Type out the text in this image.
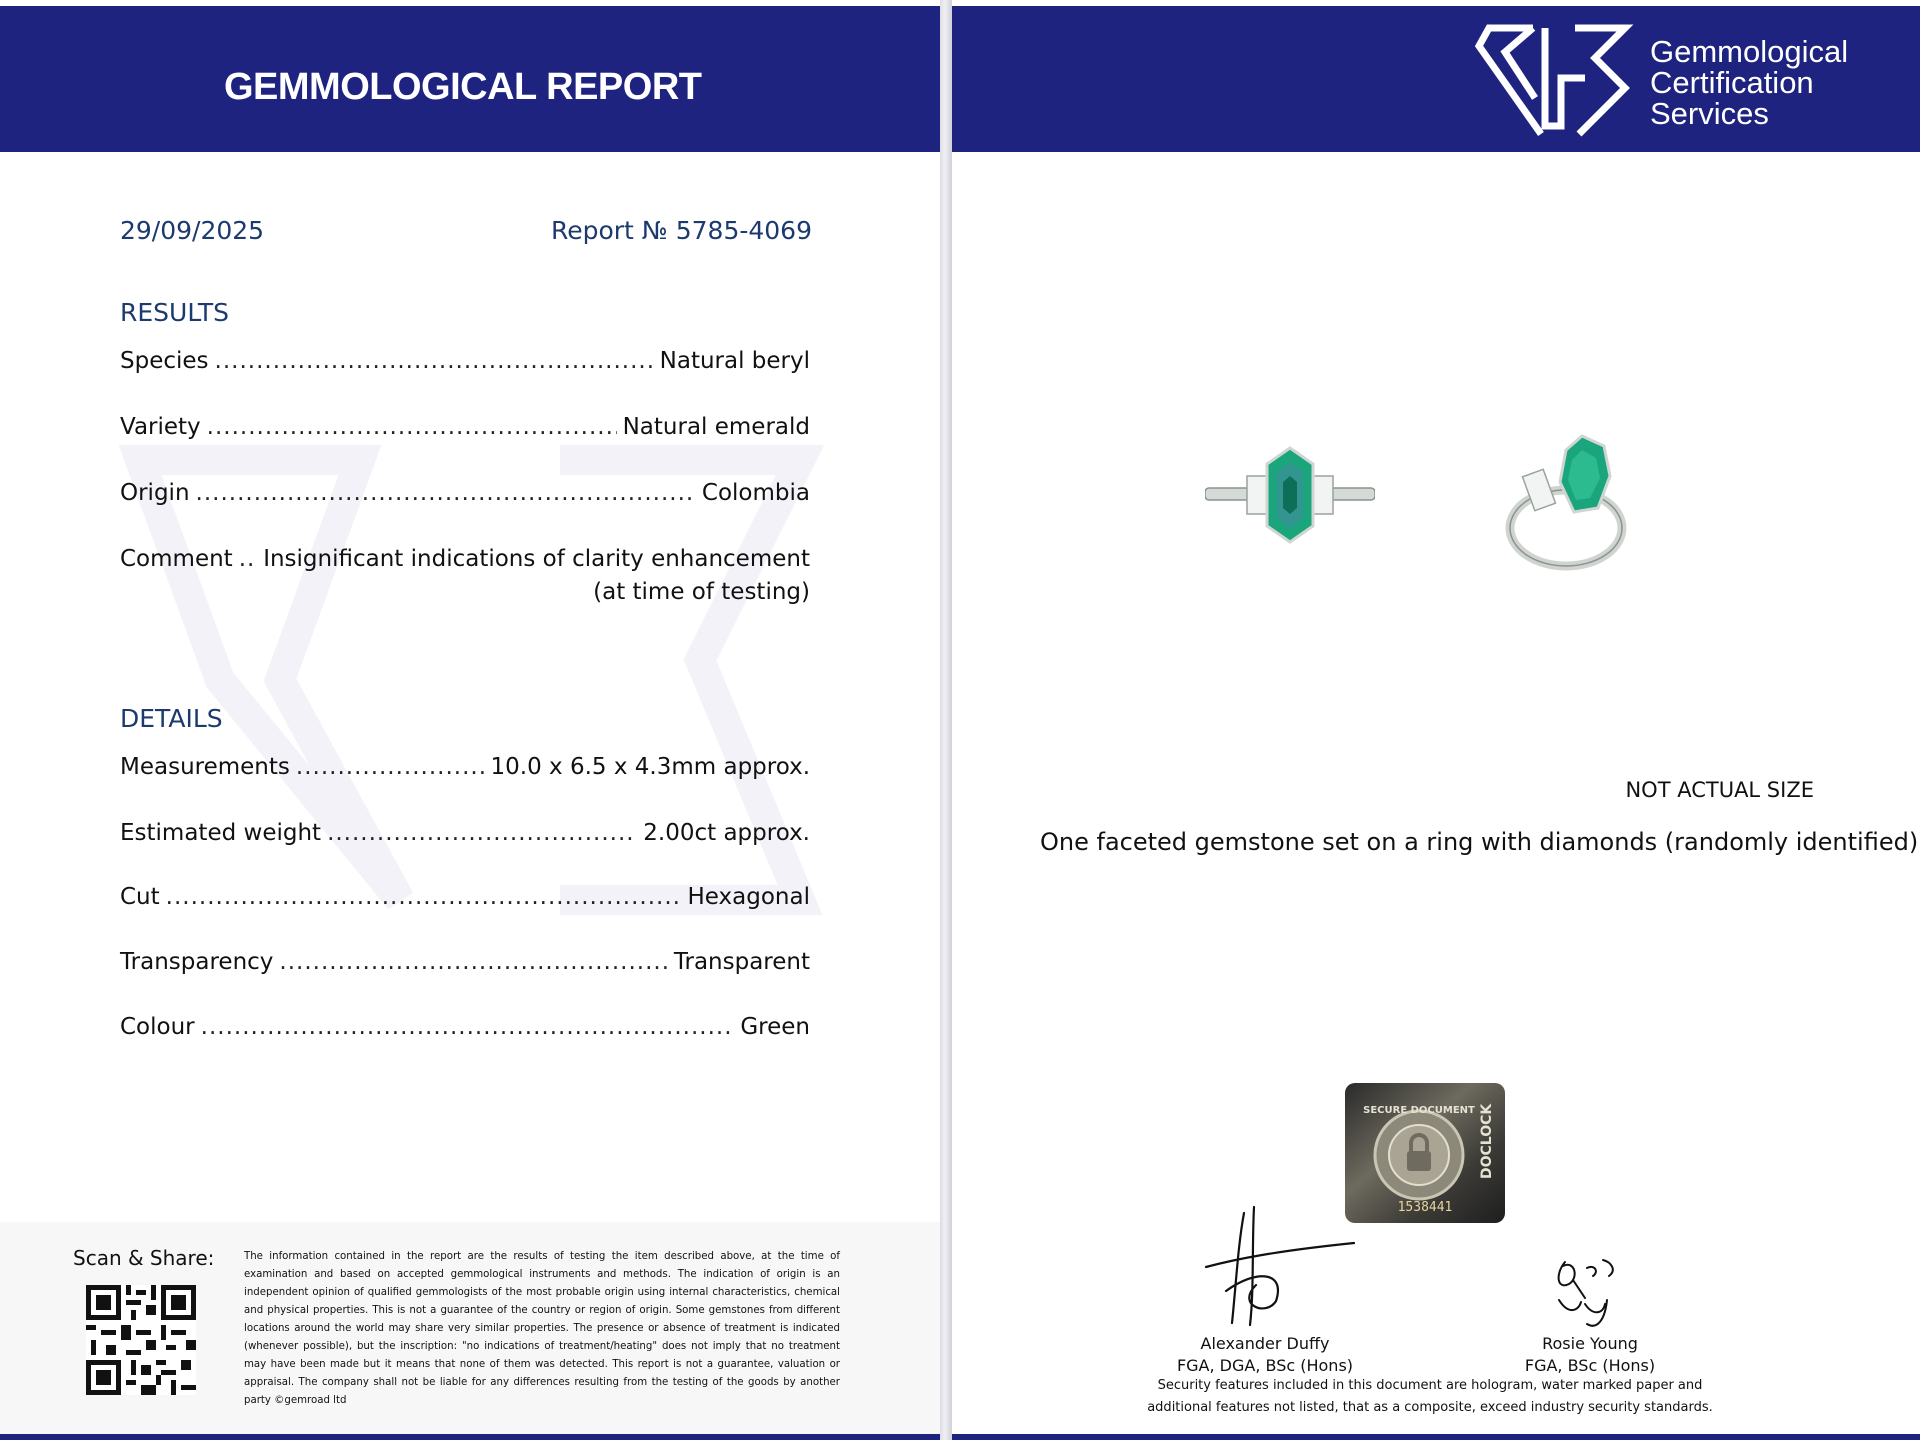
GEMMOLOGICAL REPORT
29/09/2025	Report № 5785-4069
RESULTS
Species .....	Natural beryl
Variety .....	Natural emerald
Origin .....	Colombia
Comment ..... Insignificant indications of clarity enhancement
(at time of testing)
DETAILS
Measurements .....	10.0 x 6.5 x 4.3mm approx.
Estimated weight .....	2.00ct approx.
Cut .....	Hexagonal
Transparency .....	Transparent
Colour .....	Green
Scan & Share:	The information contained in the report are the results of testing the item described above, at the time of examination and based on accepted gemmological instruments and methods. The indication of origin is an independent opinion of qualified gemmologists of the most probable origin using internal characteristics, chemical and physical properties. This is not a guarantee of the country or region of origin. Some gemstones from different locations around the world may share very similar properties. The presence or absence of treatment is indicated (whenever possible), but the inscription: "no indications of treatment/heating" does not imply that no treatment may have been made but it means that none of them was detected. This report is not a guarantee, valuation or appraisal. The company shall not be liable for any differences resulting from the testing of the goods by another party ©gemroad ltd
Gemmological
Certification
Services
NOT ACTUAL SIZE
One faceted gemstone set on a ring with diamonds (randomly identified)
SECURE DOCUMENT
1538441
DOCLOCK
Alexander Duffy
FGA, DGA, BSc (Hons)
Rosie Young
FGA, BSc (Hons)
Security features included in this document are hologram, water marked paper and additional features not listed, that as a composite, exceed industry security standards.
